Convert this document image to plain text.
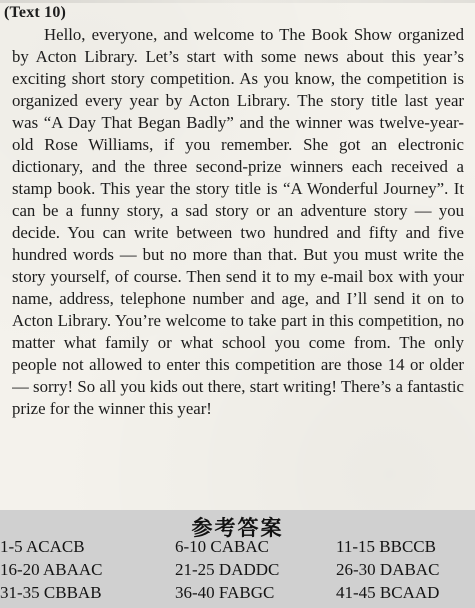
(Text 10)
Hello, everyone, and welcome to The Book Show organized by Acton Library. Let’s start with some news about this year’s exciting short story competition. As you know, the competition is organized every year by Acton Library. The story title last year was “A Day That Began Badly” and the winner was twelve-year-old Rose Williams, if you remember. She got an electronic dictionary, and the three second-prize winners each received a stamp book. This year the story title is “A Wonderful Journey”. It can be a funny story, a sad story or an adventure story — you decide. You can write between two hundred and fifty and five hundred words — but no more than that. But you must write the story yourself, of course. Then send it to my e-mail box with your name, address, telephone number and age, and I’ll send it on to Acton Library. You’re welcome to take part in this competition, no matter what family or what school you come from. The only people not allowed to enter this competition are those 14 or older — sorry! So all you kids out there, start writing! There’s a fantastic prize for the winner this year!
参考答案
1-5 ACACB	6-10 CABAC	11-15 BBCCB
16-20 ABAAC	21-25 DADDC	26-30 DABAC
31-35 CBBAB	36-40 FABGC	41-45 BCAAD
